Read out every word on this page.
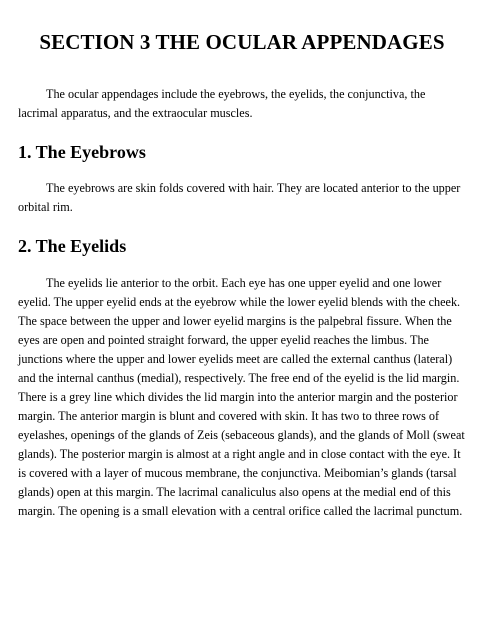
SECTION 3 THE OCULAR APPENDAGES

The ocular appendages include the eyebrows, the eyelids, the conjunctiva, the lacrimal apparatus, and the extraocular muscles.

1. The Eyebrows

The eyebrows are skin folds covered with hair. They are located anterior to the upper orbital rim.

2. The Eyelids

The eyelids lie anterior to the orbit. Each eye has one upper eyelid and one lower eyelid. The upper eyelid ends at the eyebrow while the lower eyelid blends with the cheek. The space between the upper and lower eyelid margins is the palpebral fissure. When the eyes are open and pointed straight forward, the upper eyelid reaches the limbus. The junctions where the upper and lower eyelids meet are called the external canthus (lateral) and the internal canthus (medial), respectively. The free end of the eyelid is the lid margin. There is a grey line which divides the lid margin into the anterior margin and the posterior margin. The anterior margin is blunt and covered with skin. It has two to three rows of eyelashes, openings of the glands of Zeis (sebaceous glands), and the glands of Moll (sweat glands). The posterior margin is almost at a right angle and in close contact with the eye. It is covered with a layer of mucous membrane, the conjunctiva. Meibomian’s glands (tarsal glands) open at this margin. The lacrimal canaliculus also opens at the medial end of this margin. The opening is a small elevation with a central orifice called the lacrimal punctum.
